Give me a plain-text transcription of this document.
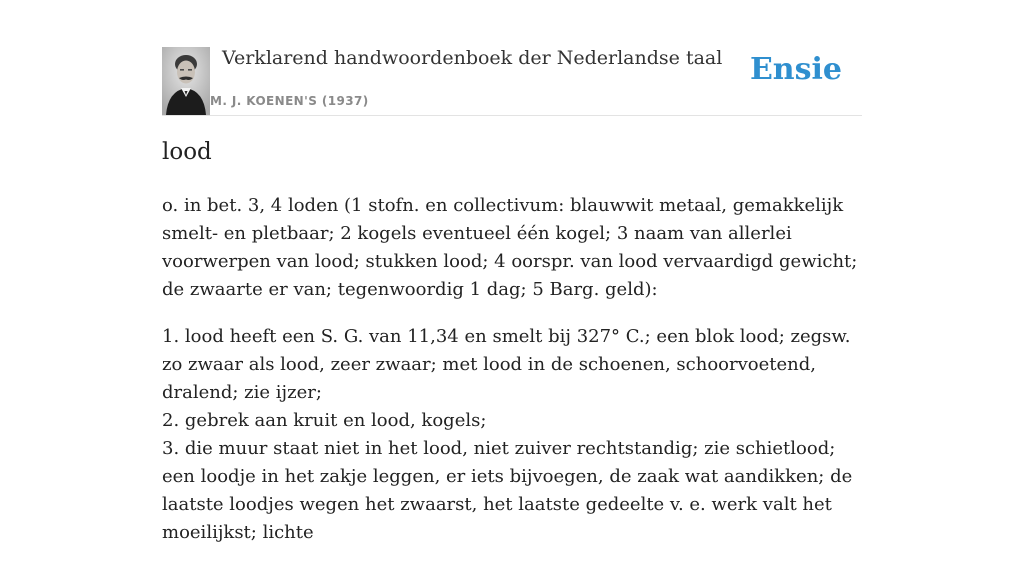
Verklarend handwoordenboek der Nederlandse taal
M. J. KOENEN'S (1937)
Ensie
lood

o. in bet. 3, 4 loden (1 stofn. en collectivum: blauwwit metaal, gemakkelijk smelt- en pletbaar; 2 kogels eventueel één kogel; 3 naam van allerlei voorwerpen van lood; stukken lood; 4 oorspr. van lood vervaardigd gewicht; de zwaarte er van; tegenwoordig 1 dag; 5 Barg. geld):

1. lood heeft een S. G. van 11,34 en smelt bij 327° C.; een blok lood; zegsw. zo zwaar als lood, zeer zwaar; met lood in de schoenen, schoorvoetend, dralend; zie ijzer;
2. gebrek aan kruit en lood, kogels;
3. die muur staat niet in het lood, niet zuiver rechtstandig; zie schietlood; een loodje in het zakje leggen, er iets bijvoegen, de zaak wat aandikken; de laatste loodjes wegen het zwaarst, het laatste gedeelte v. e. werk valt het moeilijkst; lichte
